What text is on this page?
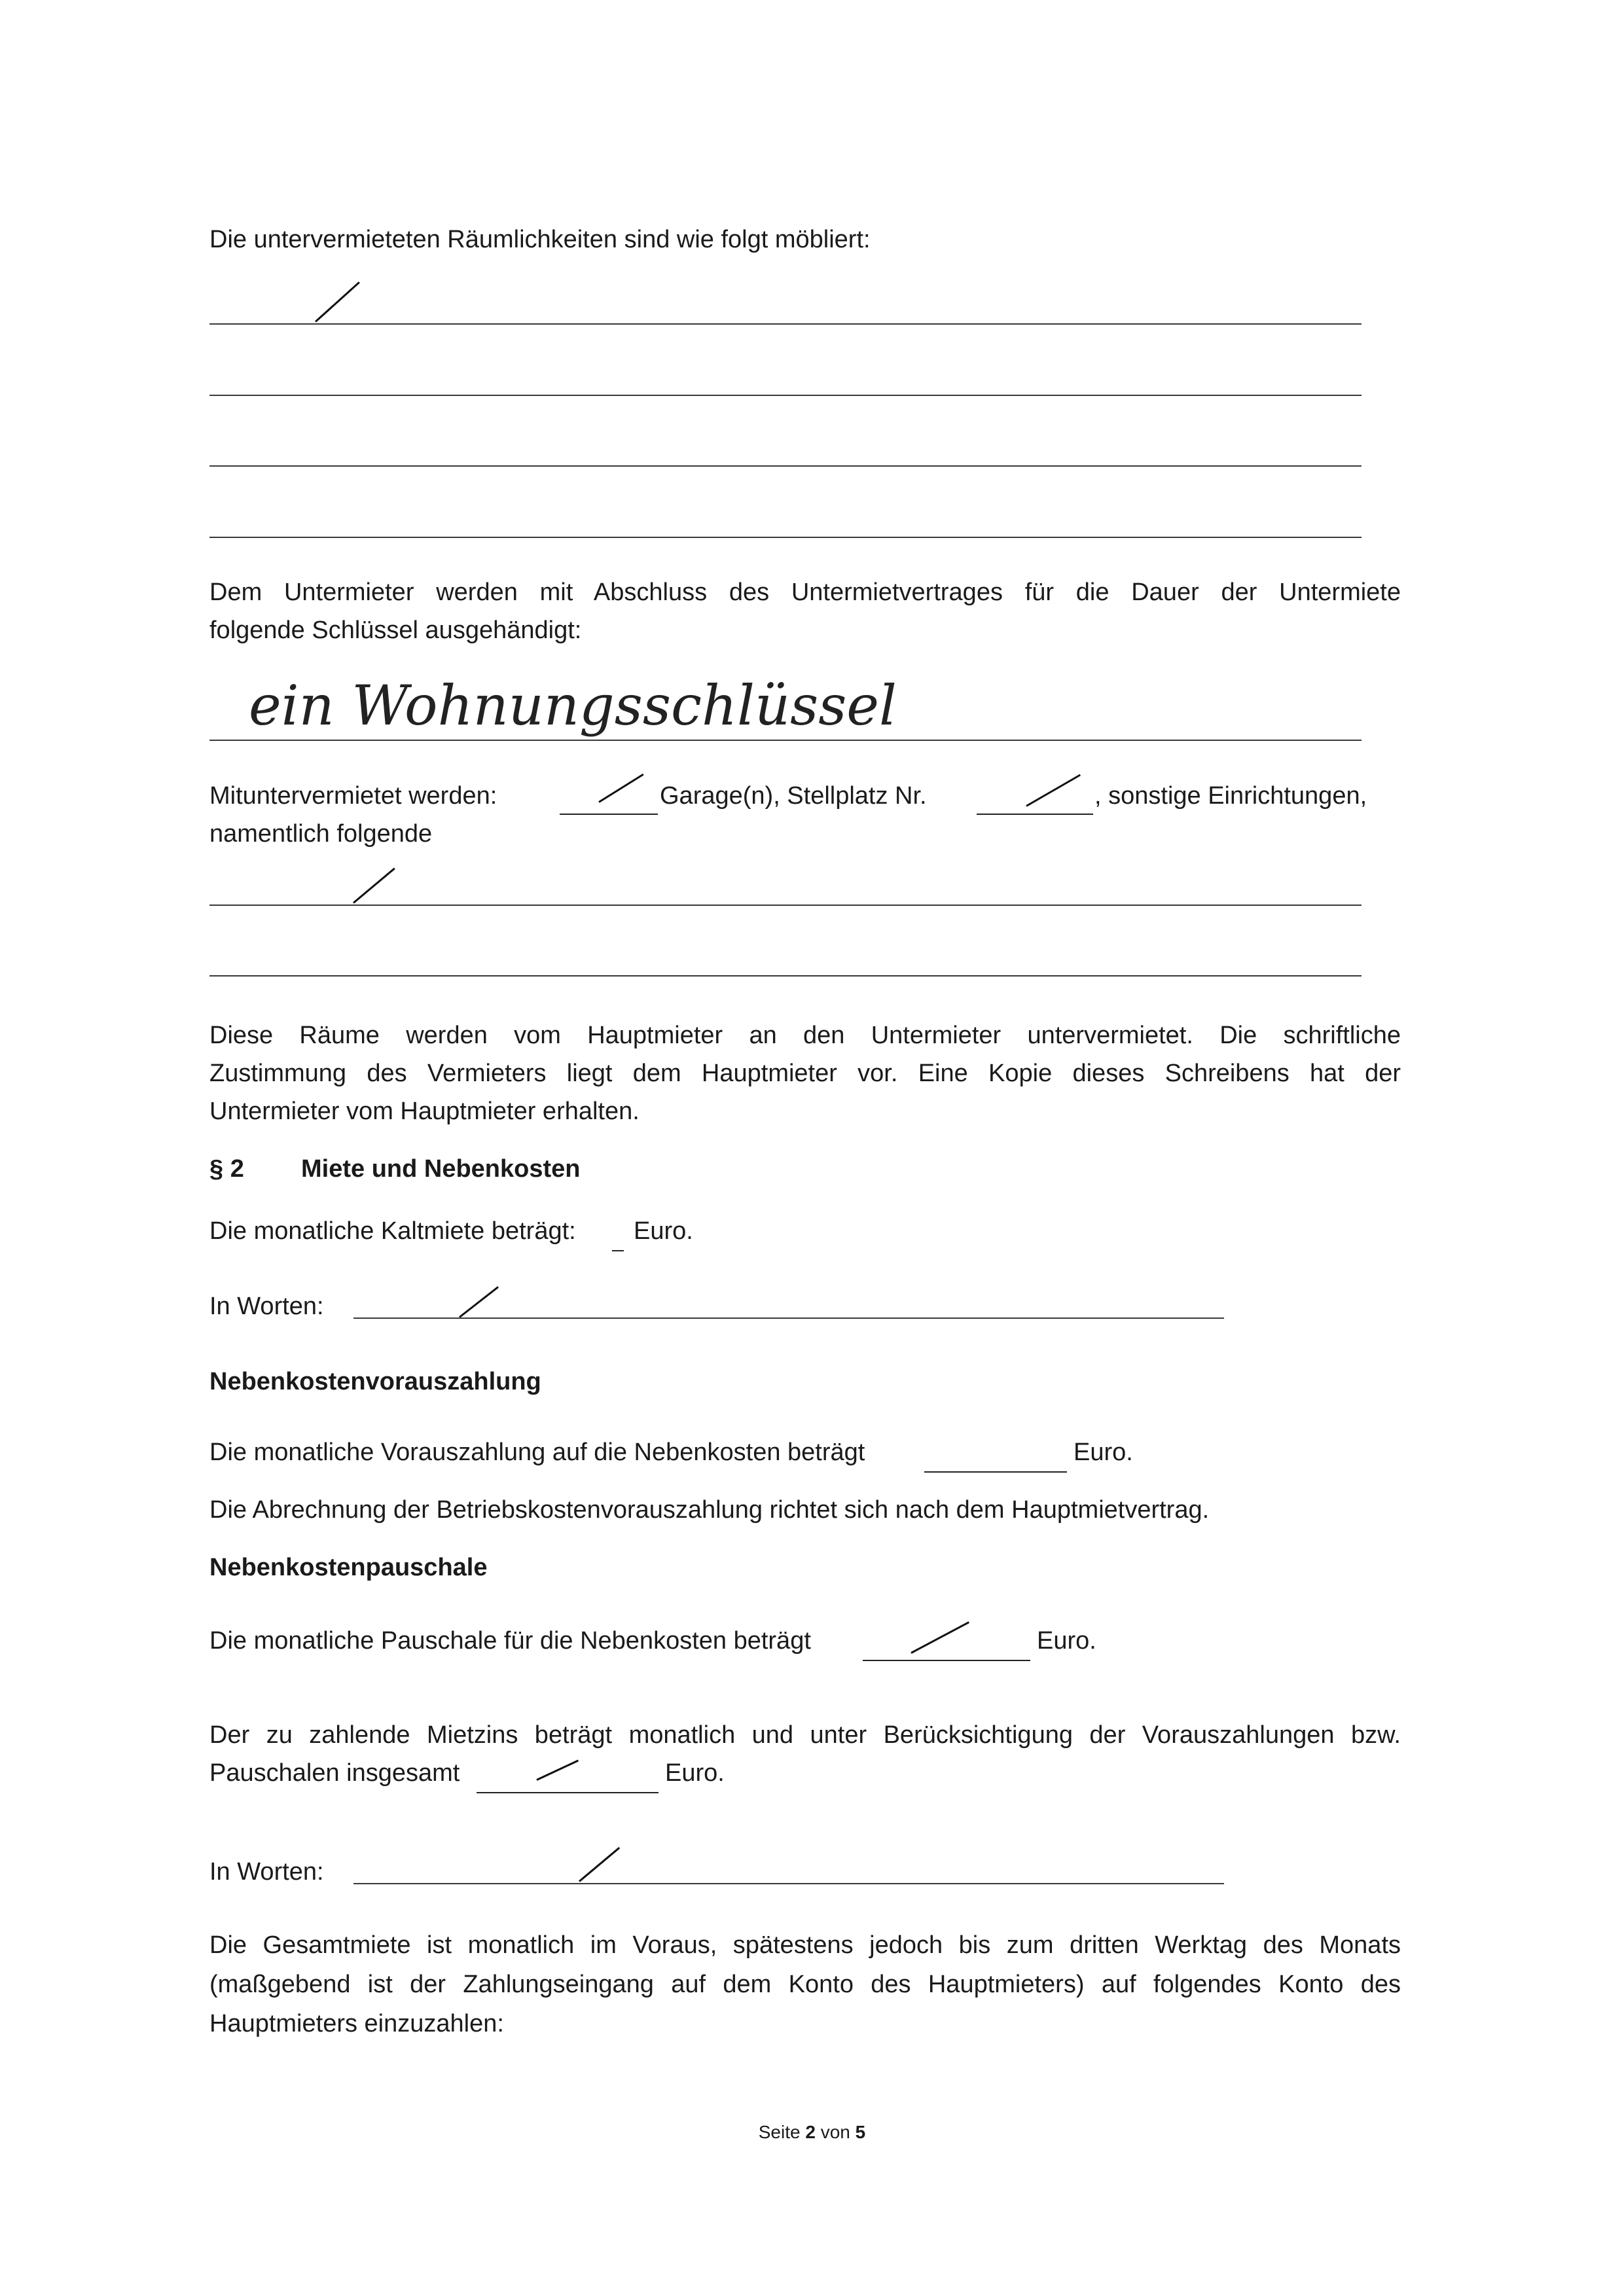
Die untervermieteten Räumlichkeiten sind wie folgt möbliert:
Dem Untermieter werden mit Abschluss des Untermietvertrages für die Dauer der Untermiete
folgende Schlüssel ausgehändigt:
ein Wohnungsschlüssel
Mituntervermietet werden:	Garage(n), Stellplatz Nr.	, sonstige Einrichtungen,
namentlich folgende
Diese Räume werden vom Hauptmieter an den Untermieter untervermietet. Die schriftliche
Zustimmung des Vermieters liegt dem Hauptmieter vor. Eine Kopie dieses Schreibens hat der
Untermieter vom Hauptmieter erhalten.
§ 2 Miete und Nebenkosten
Die monatliche Kaltmiete beträgt: Euro.
In Worten:
Nebenkostenvorauszahlung
Die monatliche Vorauszahlung auf die Nebenkosten beträgt	Euro.
Die Abrechnung der Betriebskostenvorauszahlung richtet sich nach dem Hauptmietvertrag.
Nebenkostenpauschale
Die monatliche Pauschale für die Nebenkosten beträgt	Euro.
Der zu zahlende Mietzins beträgt monatlich und unter Berücksichtigung der Vorauszahlungen bzw.
Pauschalen insgesamt	Euro.
In Worten:
Die Gesamtmiete ist monatlich im Voraus, spätestens jedoch bis zum dritten Werktag des Monats
(maßgebend ist der Zahlungseingang auf dem Konto des Hauptmieters) auf folgendes Konto des
Hauptmieters einzuzahlen:
Seite 2 von 5
